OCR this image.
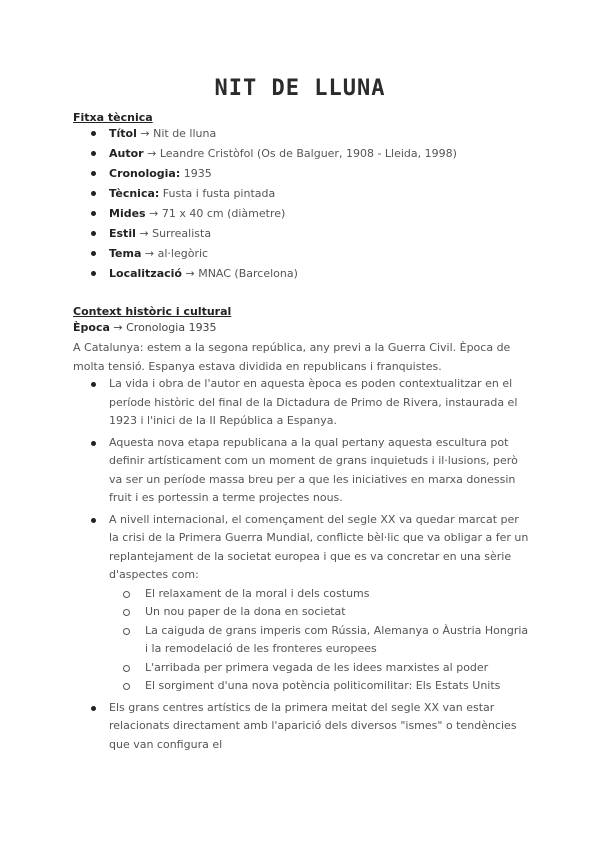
NIT DE LLUNA

Fitxa tècnica

Títol → Nit de lluna
Autor → Leandre Cristòfol (Os de Balguer, 1908 - Lleida, 1998)
Cronologia: 1935
Tècnica: Fusta i fusta pintada
Mides → 71 x 40 cm (diàmetre)
Estil → Surrealista
Tema → al·legòric
Localització → MNAC (Barcelona)

Context històric i cultural

Època → Cronologia 1935
A Catalunya: estem a la segona república, any previ a la Guerra Civil. Època de molta tensió. Espanya estava dividida en republicans i franquistes.
La vida i obra de l'autor en aquesta època es poden contextualitzar en el període històric del final de la Dictadura de Primo de Rivera, instaurada el 1923 i l'inici de la II República a Espanya.
Aquesta nova etapa republicana a la qual pertany aquesta escultura pot definir artísticament com un moment de grans inquietuds i il·lusions, però va ser un període massa breu per a que les iniciatives en marxa donessin fruit i es portessin a terme projectes nous.
A nivell internacional, el començament del segle XX va quedar marcat per la crisi de la Primera Guerra Mundial, conflicte bèl·lic que va obligar a fer un replantejament de la societat europea i que es va concretar en una sèrie d'aspectes com:
El relaxament de la moral i dels costums
Un nou paper de la dona en societat
La caiguda de grans imperis com Rússia, Alemanya o Àustria Hongria i la remodelació de les fronteres europees
L'arribada per primera vegada de les idees marxistes al poder
El sorgiment d'una nova potència politicomilitar: Els Estats Units
Els grans centres artístics de la primera meitat del segle XX van estar relacionats directament amb l'aparició dels diversos "ismes" o tendències que van configura el
